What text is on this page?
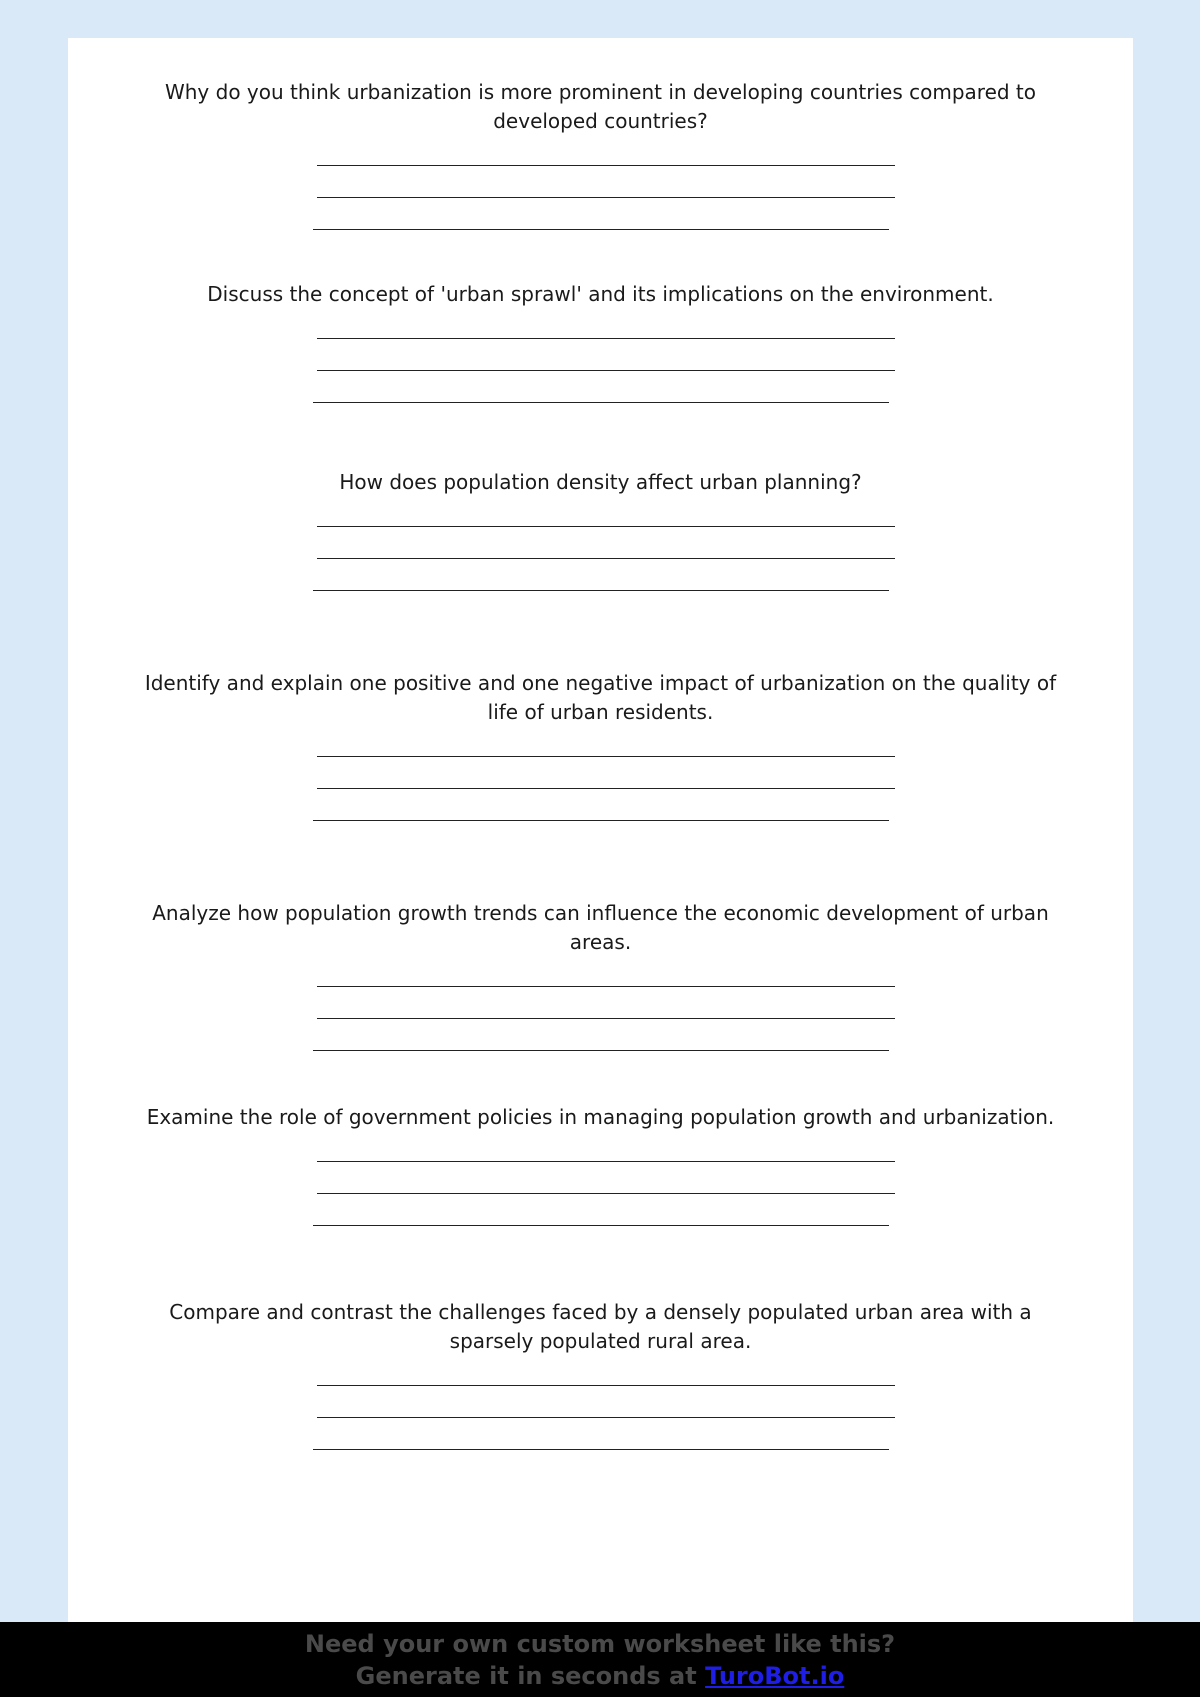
Why do you think urbanization is more prominent in developing countries compared to developed countries?

Discuss the concept of 'urban sprawl' and its implications on the environment.

How does population density affect urban planning?

Identify and explain one positive and one negative impact of urbanization on the quality of life of urban residents.

Analyze how population growth trends can influence the economic development of urban areas.

Examine the role of government policies in managing population growth and urbanization.

Compare and contrast the challenges faced by a densely populated urban area with a sparsely populated rural area.

Need your own custom worksheet like this?
Generate it in seconds at TuroBot.io
